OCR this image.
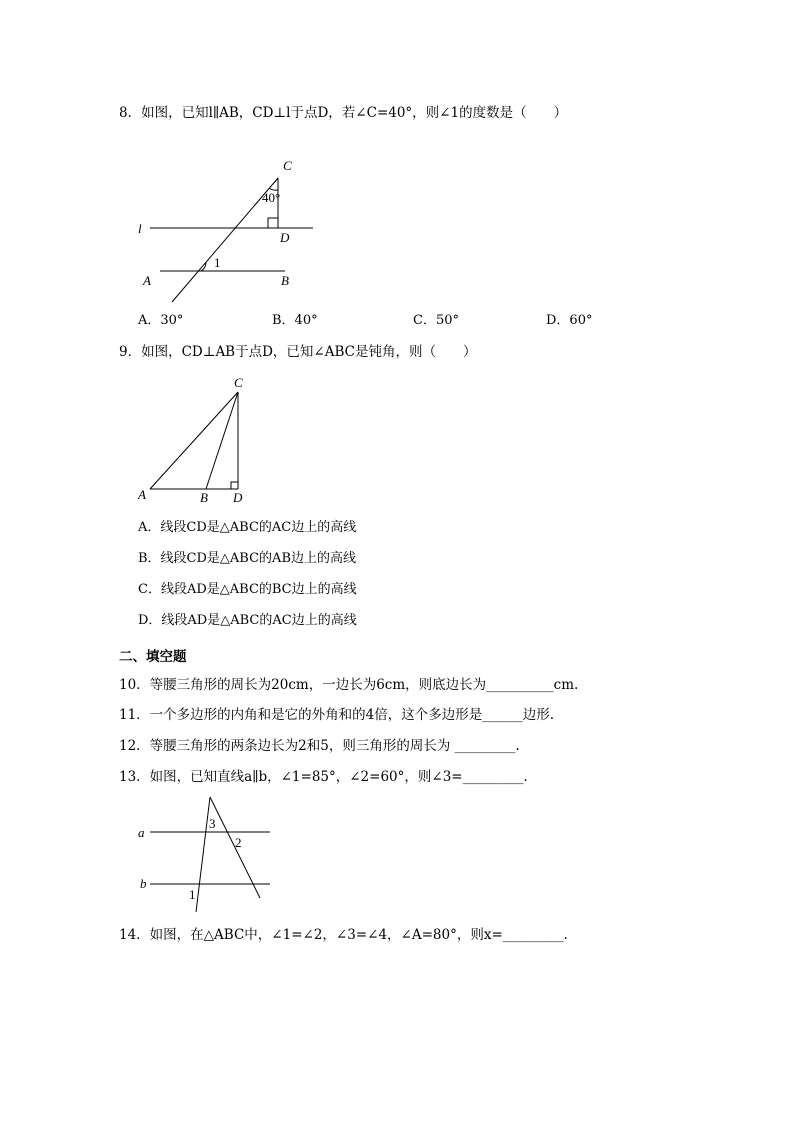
8．如图，已知l∥AB，CD⊥l于点D，若∠C=40°，则∠1的度数是（　　）
C
D
l
A	B
40°
1
A．30°	B．40°	C．50°	D．60°
9．如图，CD⊥AB于点D，已知∠ABC是钝角，则（　　）
C
A	B D
A．线段CD是△ABC的AC边上的高线
B．线段CD是△ABC的AB边上的高线
C．线段AD是△ABC的BC边上的高线
D．线段AD是△ABC的AC边上的高线
二、填空题
10．等腰三角形的周长为20cm，一边长为6cm，则底边长为__________cm.
11．一个多边形的内角和是它的外角和的4倍，这个多边形是______边形.
12．等腰三角形的两条边长为2和5，则三角形的周长为 _________.
13．如图，已知直线a∥b，∠1=85°，∠2=60°，则∠3=_________.
a
b
3
2
1
14．如图，在△ABC中，∠1=∠2，∠3=∠4，∠A=80°，则x=_________.
